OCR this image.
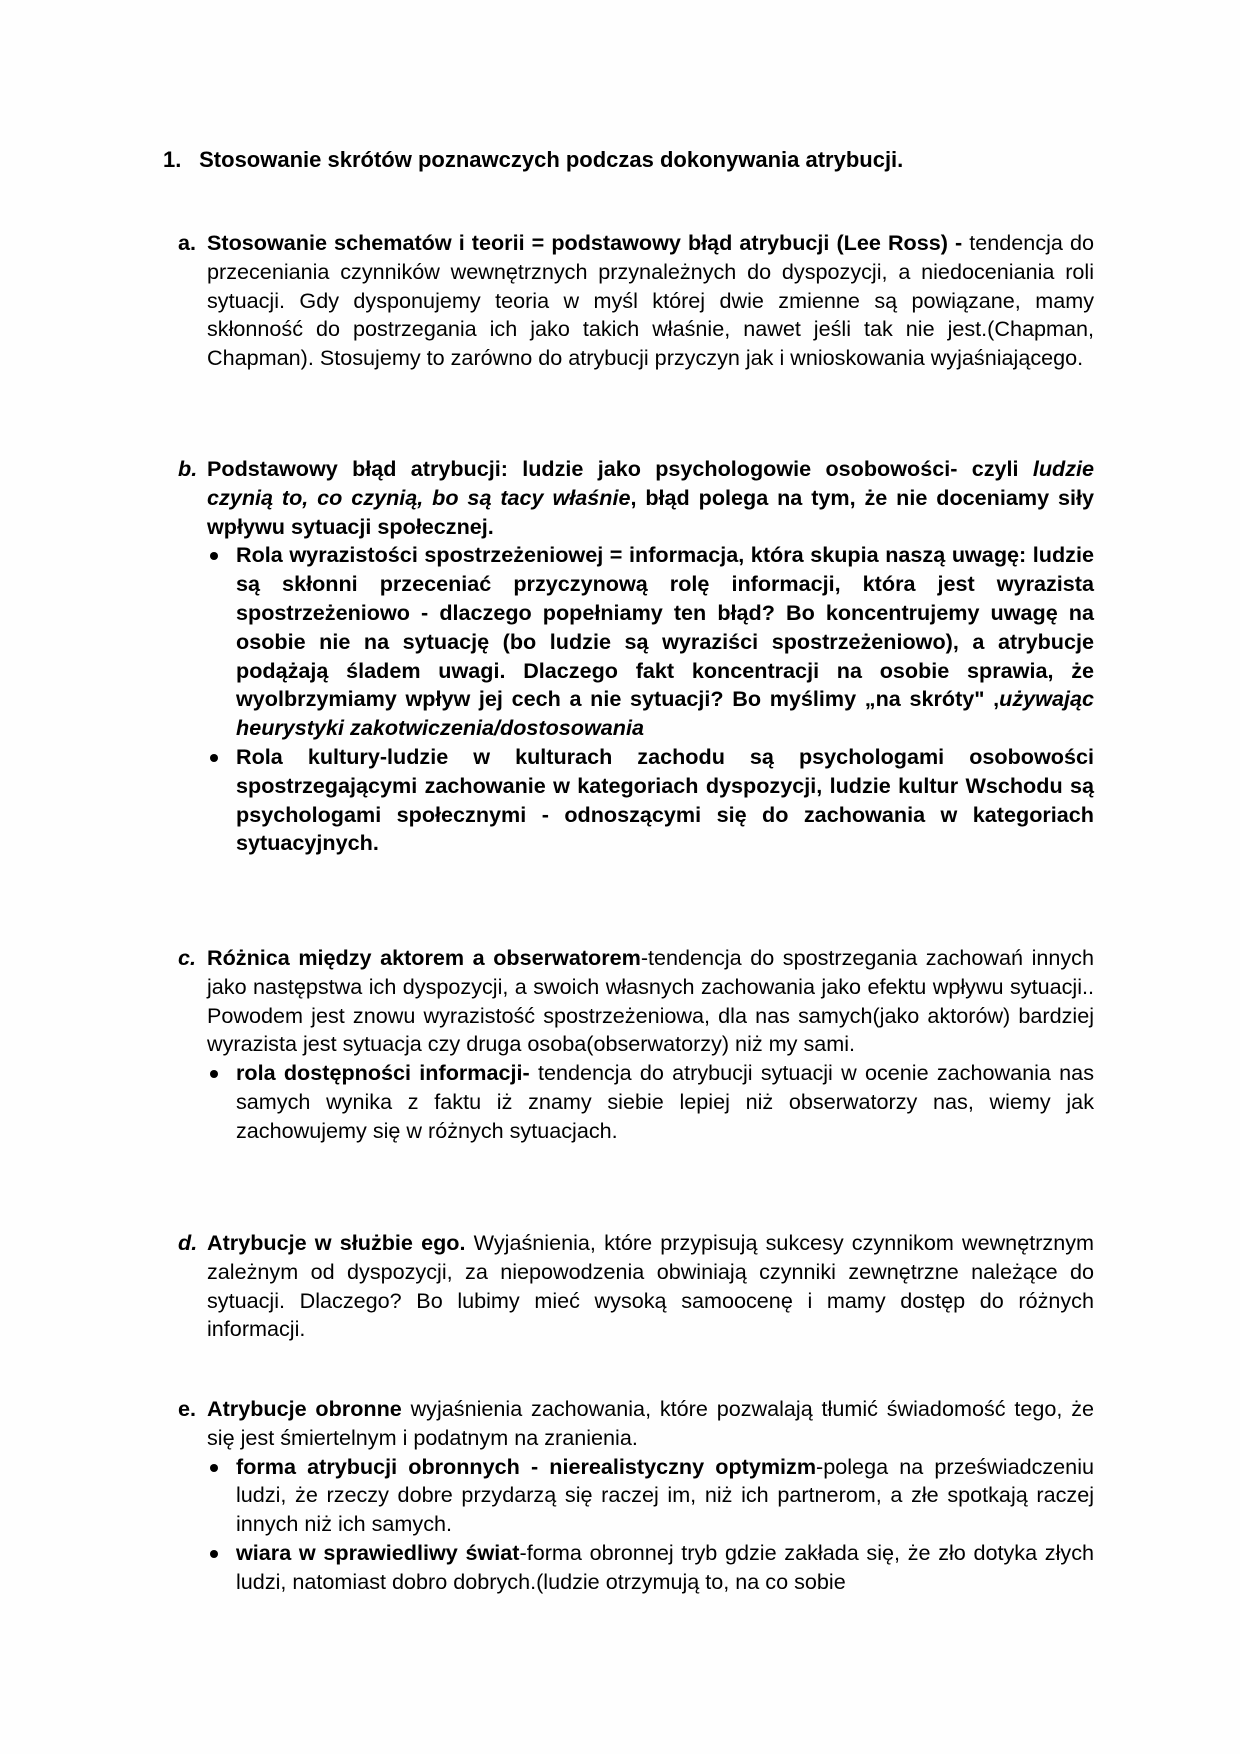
1. Stosowanie skrótów poznawczych podczas dokonywania atrybucji.
a. Stosowanie schematów i teorii = podstawowy błąd atrybucji (Lee Ross) - tendencja do przeceniania czynników wewnętrznych przynależnych do dyspozycji, a niedoceniania roli sytuacji. Gdy dysponujemy teoria w myśl której dwie zmienne są powiązane, mamy skłonność do postrzegania ich jako takich właśnie, nawet jeśli tak nie jest.(Chapman, Chapman). Stosujemy to zarówno do atrybucji przyczyn jak i wnioskowania wyjaśniającego.
b. Podstawowy błąd atrybucji: ludzie jako psychologowie osobowości- czyli ludzie czynią to, co czynią, bo są tacy właśnie, błąd polega na tym, że nie doceniamy siły wpływu sytuacji społecznej.
Rola wyrazistości spostrzeżeniowej = informacja, która skupia naszą uwagę: ludzie są skłonni przeceniać przyczynową rolę informacji, która jest wyrazista spostrzeżeniowo - dlaczego popełniamy ten błąd? Bo koncentrujemy uwagę na osobie nie na sytuację (bo ludzie są wyraziści spostrzeżeniowo), a atrybucje podążają śladem uwagi. Dlaczego fakt koncentracji na osobie sprawia, że wyolbrzymiamy wpływ jej cech a nie sytuacji? Bo myślimy „na skróty" ,używając heurystyki zakotwiczenia/dostosowania
Rola kultury-ludzie w kulturach zachodu są psychologami osobowości spostrzegającymi zachowanie w kategoriach dyspozycji, ludzie kultur Wschodu są psychologami społecznymi - odnoszącymi się do zachowania w kategoriach sytuacyjnych.
c. Różnica między aktorem a obserwatorem-tendencja do spostrzegania zachowań innych jako następstwa ich dyspozycji, a swoich własnych zachowania jako efektu wpływu sytuacji.. Powodem jest znowu wyrazistość spostrzeżeniowa, dla nas samych(jako aktorów) bardziej wyrazista jest sytuacja czy druga osoba(obserwatorzy) niż my sami.
rola dostępności informacji- tendencja do atrybucji sytuacji w ocenie zachowania nas samych wynika z faktu iż znamy siebie lepiej niż obserwatorzy nas, wiemy jak zachowujemy się w różnych sytuacjach.
d. Atrybucje w służbie ego. Wyjaśnienia, które przypisują sukcesy czynnikom wewnętrznym zależnym od dyspozycji, za niepowodzenia obwiniają czynniki zewnętrzne należące do sytuacji. Dlaczego? Bo lubimy mieć wysoką samoocenę i mamy dostęp do różnych informacji.
e. Atrybucje obronne wyjaśnienia zachowania, które pozwalają tłumić świadomość tego, że się jest śmiertelnym i podatnym na zranienia.
forma atrybucji obronnych - nierealistyczny optymizm-polega na przeświadczeniu ludzi, że rzeczy dobre przydarzą się raczej im, niż ich partnerom, a złe spotkają raczej innych niż ich samych.
wiara w sprawiedliwy świat-forma obronnej tryb gdzie zakłada się, że zło dotyka złych ludzi, natomiast dobro dobrych.(ludzie otrzymują to, na co sobie
